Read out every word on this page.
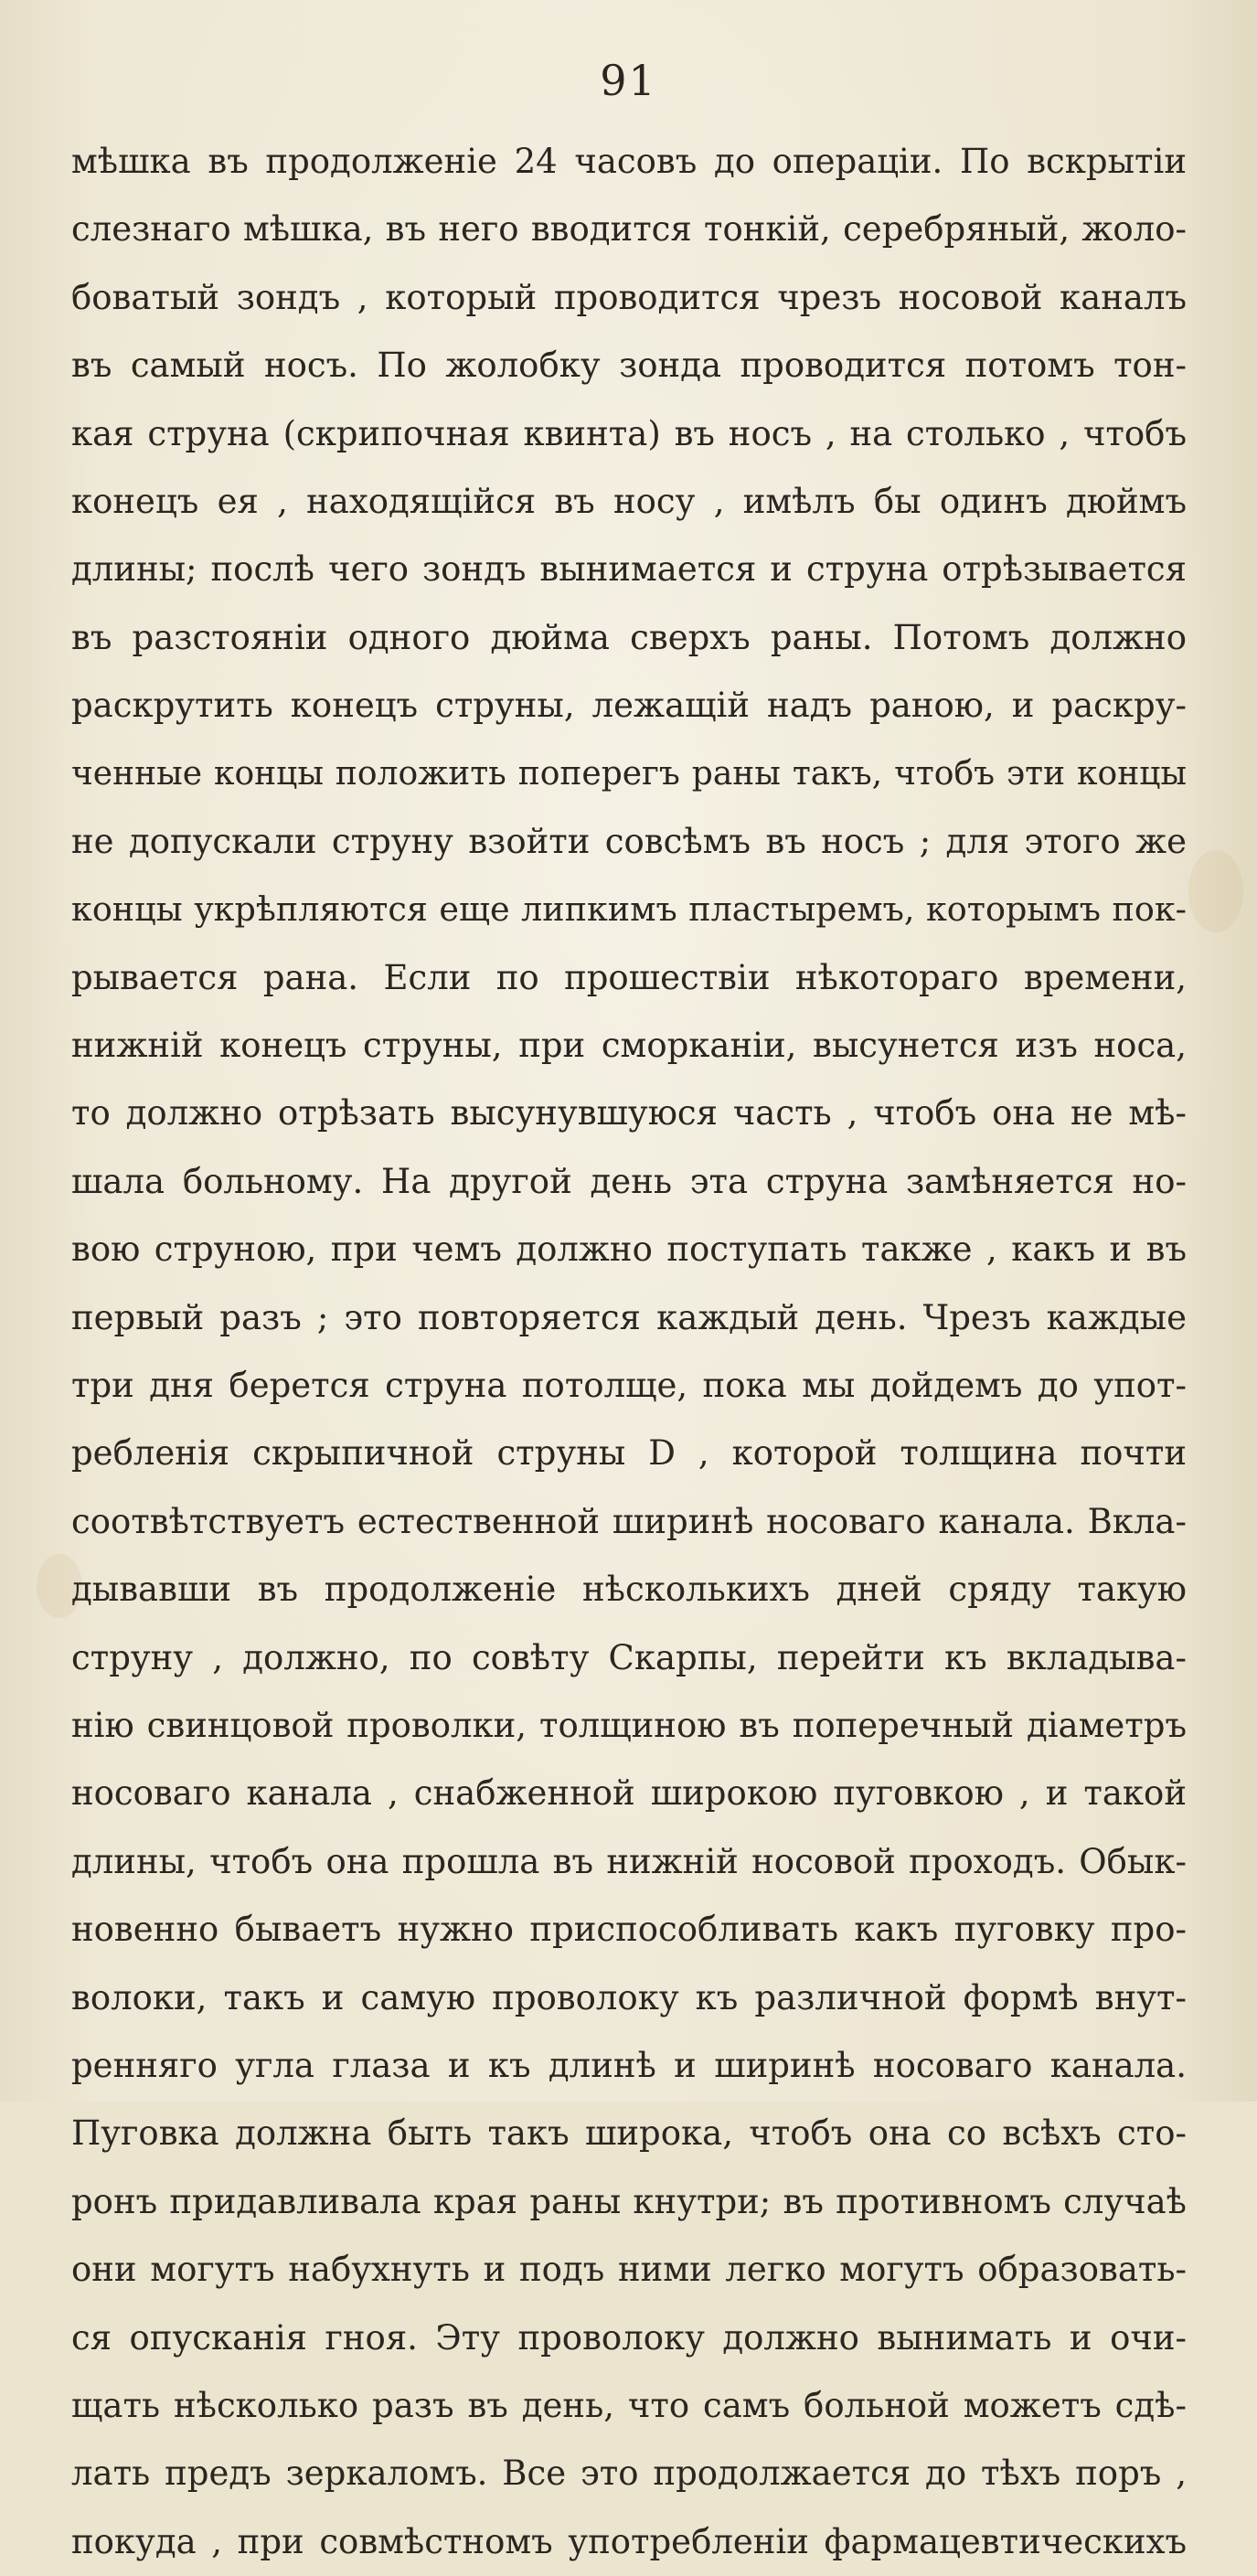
91
мѣшка въ продолженіе 24 часовъ до операціи. По вскрытіи
слезнаго мѣшка, въ него вводится тонкій, серебряный, жоло-
боватый зондъ , который проводится чрезъ носовой каналъ
въ самый носъ. По жолобку зонда проводится потомъ тон-
кая струна (скрипочная квинта) въ носъ , на столько , чтобъ
конецъ ея , находящійся въ носу , имѣлъ бы одинъ дюймъ
длины; послѣ чего зондъ вынимается и струна отрѣзывается
въ разстояніи одного дюйма сверхъ раны. Потомъ должно
раскрутить конецъ струны, лежащій надъ раною, и раскру-
ченные концы положить поперегъ раны такъ, чтобъ эти концы
не допускали струну взойти совсѣмъ въ носъ ; для этого же
концы укрѣпляются еще липкимъ пластыремъ, которымъ пок-
рывается рана. Если по прошествіи нѣкотораго времени,
нижній конецъ струны, при сморканіи, высунется изъ носа,
то должно отрѣзать высунувшуюся часть , чтобъ она не мѣ-
шала больному. На другой день эта струна замѣняется но-
вою струною, при чемъ должно поступать также , какъ и въ
первый разъ ; это повторяется каждый день. Чрезъ каждые
три дня берется струна потолще, пока мы дойдемъ до упот-
ребленія скрыпичной струны D , которой толщина почти
соотвѣтствуетъ естественной ширинѣ носоваго канала. Вкла-
дывавши въ продолженіе нѣсколькихъ дней сряду такую
струну , должно, по совѣту Скарпы, перейти къ вкладыва-
нію свинцовой проволки, толщиною въ поперечный діаметръ
носоваго канала , снабженной широкою пуговкою , и такой
длины, чтобъ она прошла въ нижній носовой проходъ. Обык-
новенно бываетъ нужно приспособливать какъ пуговку про-
волоки, такъ и самую проволоку къ различной формѣ внут-
ренняго угла глаза и къ длинѣ и ширинѣ носоваго канала.
Пуговка должна быть такъ широка, чтобъ она со всѣхъ сто-
ронъ придавливала края раны кнутри; въ противномъ случаѣ
они могутъ набухнуть и подъ ними легко могутъ образовать-
ся опусканія гноя. Эту проволоку должно вынимать и очи-
щать нѣсколько разъ въ день, что самъ больной можетъ сдѣ-
лать предъ зеркаломъ. Все это продолжается до тѣхъ поръ ,
покуда , при совмѣстномъ употребленіи фармацевтическихъ
